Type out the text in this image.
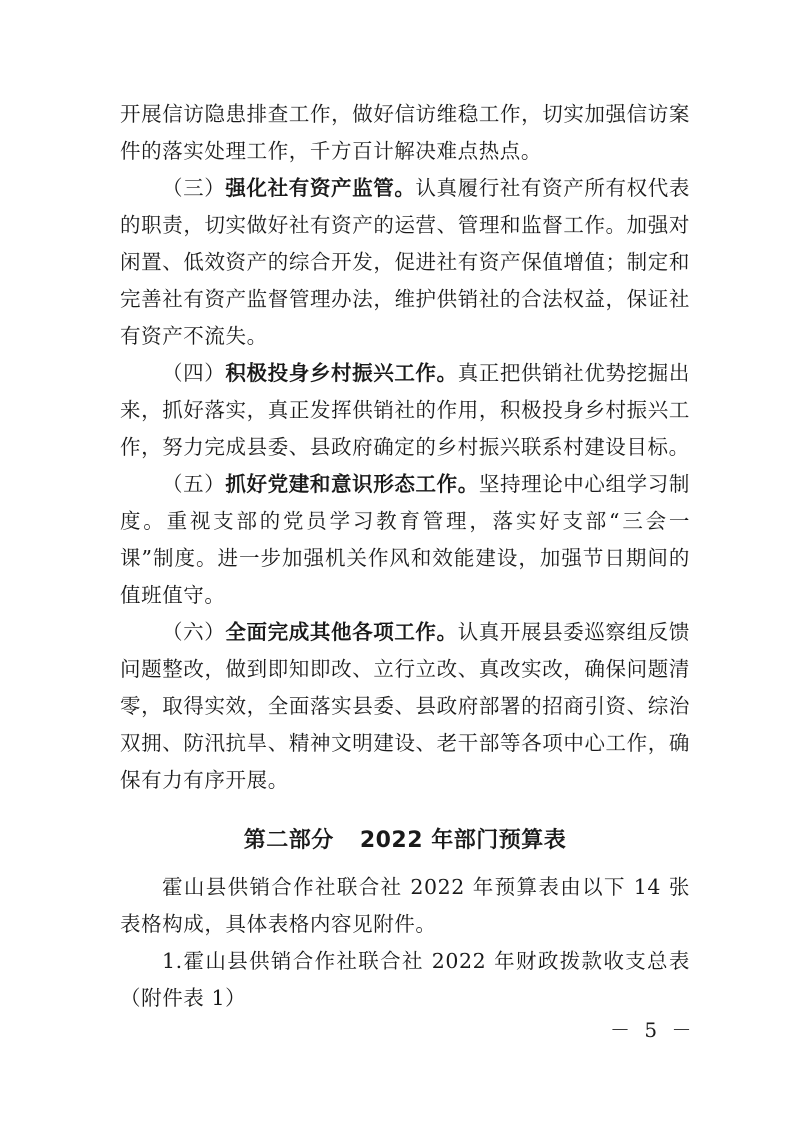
开展信访隐患排查工作，做好信访维稳工作，切实加强信访案件的落实处理工作，千方百计解决难点热点。

（三）强化社有资产监管。认真履行社有资产所有权代表的职责，切实做好社有资产的运营、管理和监督工作。加强对闲置、低效资产的综合开发，促进社有资产保值增值；制定和完善社有资产监督管理办法，维护供销社的合法权益，保证社有资产不流失。

（四）积极投身乡村振兴工作。真正把供销社优势挖掘出来，抓好落实，真正发挥供销社的作用，积极投身乡村振兴工作，努力完成县委、县政府确定的乡村振兴联系村建设目标。

（五）抓好党建和意识形态工作。坚持理论中心组学习制度。重视支部的党员学习教育管理，落实好支部“三会一课”制度。进一步加强机关作风和效能建设，加强节日期间的值班值守。

（六）全面完成其他各项工作。认真开展县委巡察组反馈问题整改，做到即知即改、立行立改、真改实改，确保问题清零，取得实效，全面落实县委、县政府部署的招商引资、综治双拥、防汛抗旱、精神文明建设、老干部等各项中心工作，确保有力有序开展。

第二部分 2022 年部门预算表

霍山县供销合作社联合社 2022 年预算表由以下 14 张表格构成，具体表格内容见附件。

1.霍山县供销合作社联合社 2022 年财政拨款收支总表（附件表 1）

－ 5 －
